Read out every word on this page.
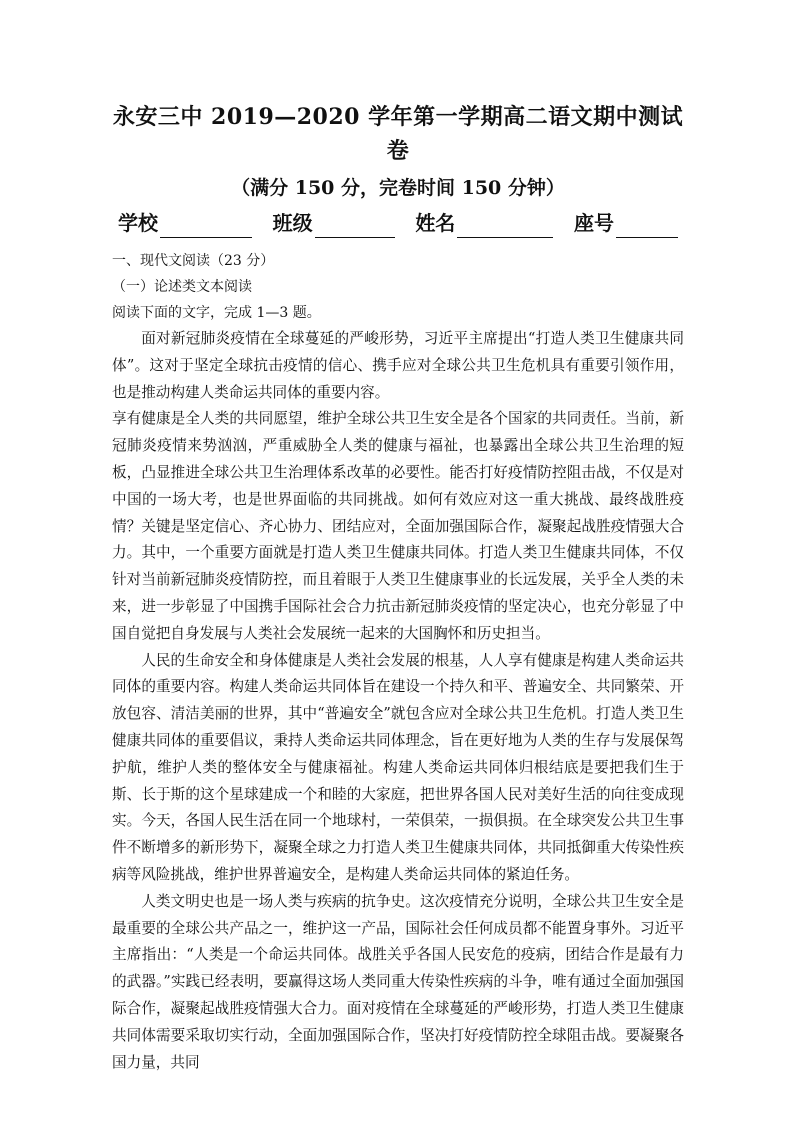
永安三中 2019—2020 学年第一学期高二语文期中测试卷
（满分 150 分，完卷时间 150 分钟）
学校	班级	姓名	座号

一、现代文阅读（23 分）

（一）论述类文本阅读

阅读下面的文字，完成 1—3 题。

面对新冠肺炎疫情在全球蔓延的严峻形势，习近平主席提出“打造人类卫生健康共同体”。这对于坚定全球抗击疫情的信心、携手应对全球公共卫生危机具有重要引领作用，也是推动构建人类命运共同体的重要内容。

享有健康是全人类的共同愿望，维护全球公共卫生安全是各个国家的共同责任。当前，新冠肺炎疫情来势汹汹，严重威胁全人类的健康与福祉，也暴露出全球公共卫生治理的短板，凸显推进全球公共卫生治理体系改革的必要性。能否打好疫情防控阻击战，不仅是对中国的一场大考，也是世界面临的共同挑战。如何有效应对这一重大挑战、最终战胜疫情？关键是坚定信心、齐心协力、团结应对，全面加强国际合作，凝聚起战胜疫情强大合力。其中，一个重要方面就是打造人类卫生健康共同体。打造人类卫生健康共同体，不仅针对当前新冠肺炎疫情防控，而且着眼于人类卫生健康事业的长远发展，关乎全人类的未来，进一步彰显了中国携手国际社会合力抗击新冠肺炎疫情的坚定决心，也充分彰显了中国自觉把自身发展与人类社会发展统一起来的大国胸怀和历史担当。

人民的生命安全和身体健康是人类社会发展的根基，人人享有健康是构建人类命运共同体的重要内容。构建人类命运共同体旨在建设一个持久和平、普遍安全、共同繁荣、开放包容、清洁美丽的世界，其中“普遍安全”就包含应对全球公共卫生危机。打造人类卫生健康共同体的重要倡议，秉持人类命运共同体理念，旨在更好地为人类的生存与发展保驾护航，维护人类的整体安全与健康福祉。构建人类命运共同体归根结底是要把我们生于斯、长于斯的这个星球建成一个和睦的大家庭，把世界各国人民对美好生活的向往变成现实。今天，各国人民生活在同一个地球村，一荣俱荣，一损俱损。在全球突发公共卫生事件不断增多的新形势下，凝聚全球之力打造人类卫生健康共同体，共同抵御重大传染性疾病等风险挑战，维护世界普遍安全，是构建人类命运共同体的紧迫任务。

人类文明史也是一场人类与疾病的抗争史。这次疫情充分说明，全球公共卫生安全是最重要的全球公共产品之一，维护这一产品，国际社会任何成员都不能置身事外。习近平主席指出：“人类是一个命运共同体。战胜关乎各国人民安危的疫病，团结合作是最有力的武器。”实践已经表明，要赢得这场人类同重大传染性疾病的斗争，唯有通过全面加强国际合作，凝聚起战胜疫情强大合力。面对疫情在全球蔓延的严峻形势，打造人类卫生健康共同体需要采取切实行动，全面加强国际合作，坚决打好疫情防控全球阻击战。要凝聚各国力量，共同
